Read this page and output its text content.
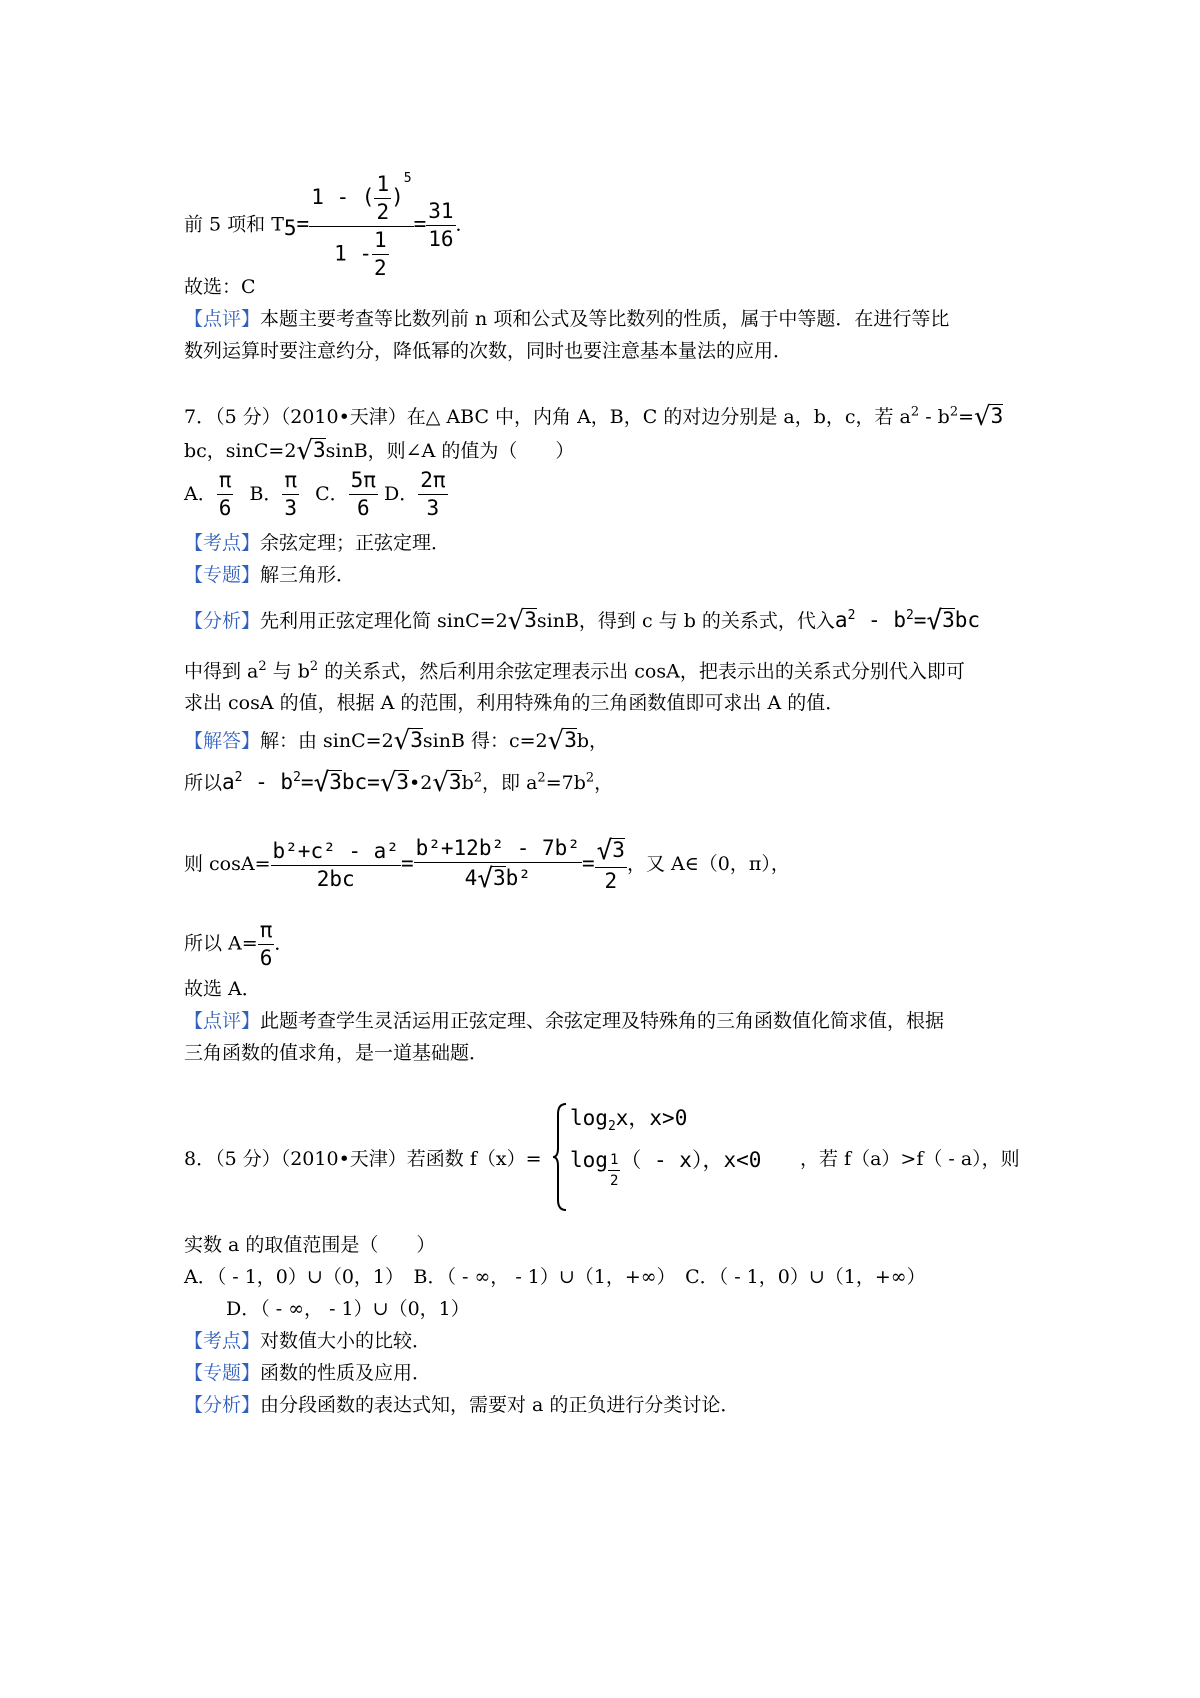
前 5 项和 $T_5= \frac{1 - ( \frac{1}{2} )^5}{1 - \frac{1}{2}} = \frac{31}{16}$ ．
故选：C
【点评】本题主要考查等比数列前 n 项和公式及等比数列的性质，属于中等题．在进行等比
数列运算时要注意约分，降低幂的次数，同时也要注意基本量法的应用．
7．（5 分）（2010•天津）在△ ABC 中，内角 A，B，C 的对边分别是 a，b，c，若 $a^2 - b^2=√3$
bc，sinC=2√3sinB，则∠A 的值为（　　）
A． $\frac{\pi}{6}$ B． $\frac{\pi}{3}$ C． $\frac{5\pi}{6}$ D． $\frac{2\pi}{3}$
【考点】余弦定理；正弦定理．
【专题】解三角形．
【分析】先利用正弦定理化简 sinC=2√3sinB，得到 c 与 b 的关系式，代入$a^2 - b^2=√3bc$
中得到 $a^2$ 与 $b^2$ 的关系式，然后利用余弦定理表示出 cosA，把表示出的关系式分别代入即可
求出 cosA 的值，根据 A 的范围，利用特殊角的三角函数值即可求出 A 的值．
【解答】解：由 sinC=2√3sinB 得：c=2√3b，
所以$a^2$ - $b^2=√3bc=√3•2√3b^2$，即 $a^2=7b^2$，
则 $\cos A= \frac{\text{b²+c² - a²}}{2bc} = \frac{\text{b²+12b² - 7b²}}{\text{4√3b²}} = \frac{√3}{2}$ ，又 A∈（0，π），
所以 $A= \frac{\pi}{6}$ ．
故选 A．
【点评】此题考查学生灵活运用正弦定理、余弦定理及特殊角的三角函数值化简求值，根据
三角函数的值求角，是一道基础题．
8．（5 分）（2010•天津）若函数 f（x）=
$\log_2x$，x>0
$\log \frac{1}{2}$ （ - x），x<0 ，若 f（a）>f（ - a），则
实数 a 的取值范围是（　　）
A．（ - 1，0）∪（0，1）　B．（ - ∞， - 1）∪（1，+∞）　C．（ - 1，0）∪（1，+∞）
D．（ - ∞， - 1）∪（0，1）
【考点】对数值大小的比较．
【专题】函数的性质及应用．
【分析】由分段函数的表达式知，需要对 a 的正负进行分类讨论．
